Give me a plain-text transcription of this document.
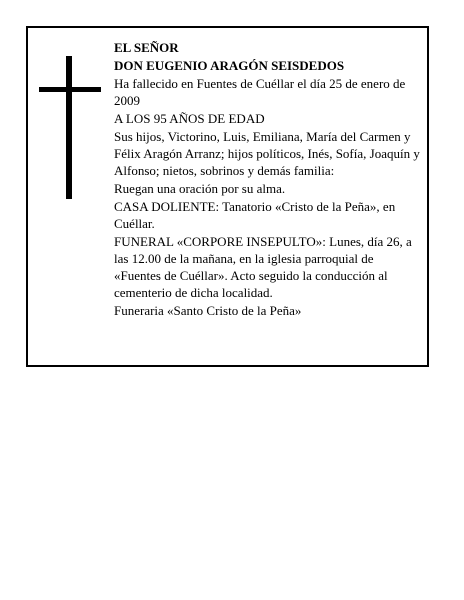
EL SEÑOR

DON EUGENIO ARAGÓN SEISDEDOS

Ha fallecido en Fuentes de Cuéllar el día 25 de enero de 2009

A LOS 95 AÑOS DE EDAD

Sus hijos, Victorino, Luis, Emiliana, María del Carmen y Félix Aragón Arranz; hijos políticos, Inés, Sofía, Joaquín y Alfonso; nietos, sobrinos y demás familia:

Ruegan una oración por su alma.

CASA DOLIENTE: Tanatorio «Cristo de la Peña», en Cuéllar.

FUNERAL «CORPORE INSEPULTO»: Lunes, día 26, a las 12.00 de la mañana, en la iglesia parroquial de «Fuentes de Cuéllar». Acto seguido la conducción al cementerio de dicha localidad.

Funeraria «Santo Cristo de la Peña»
